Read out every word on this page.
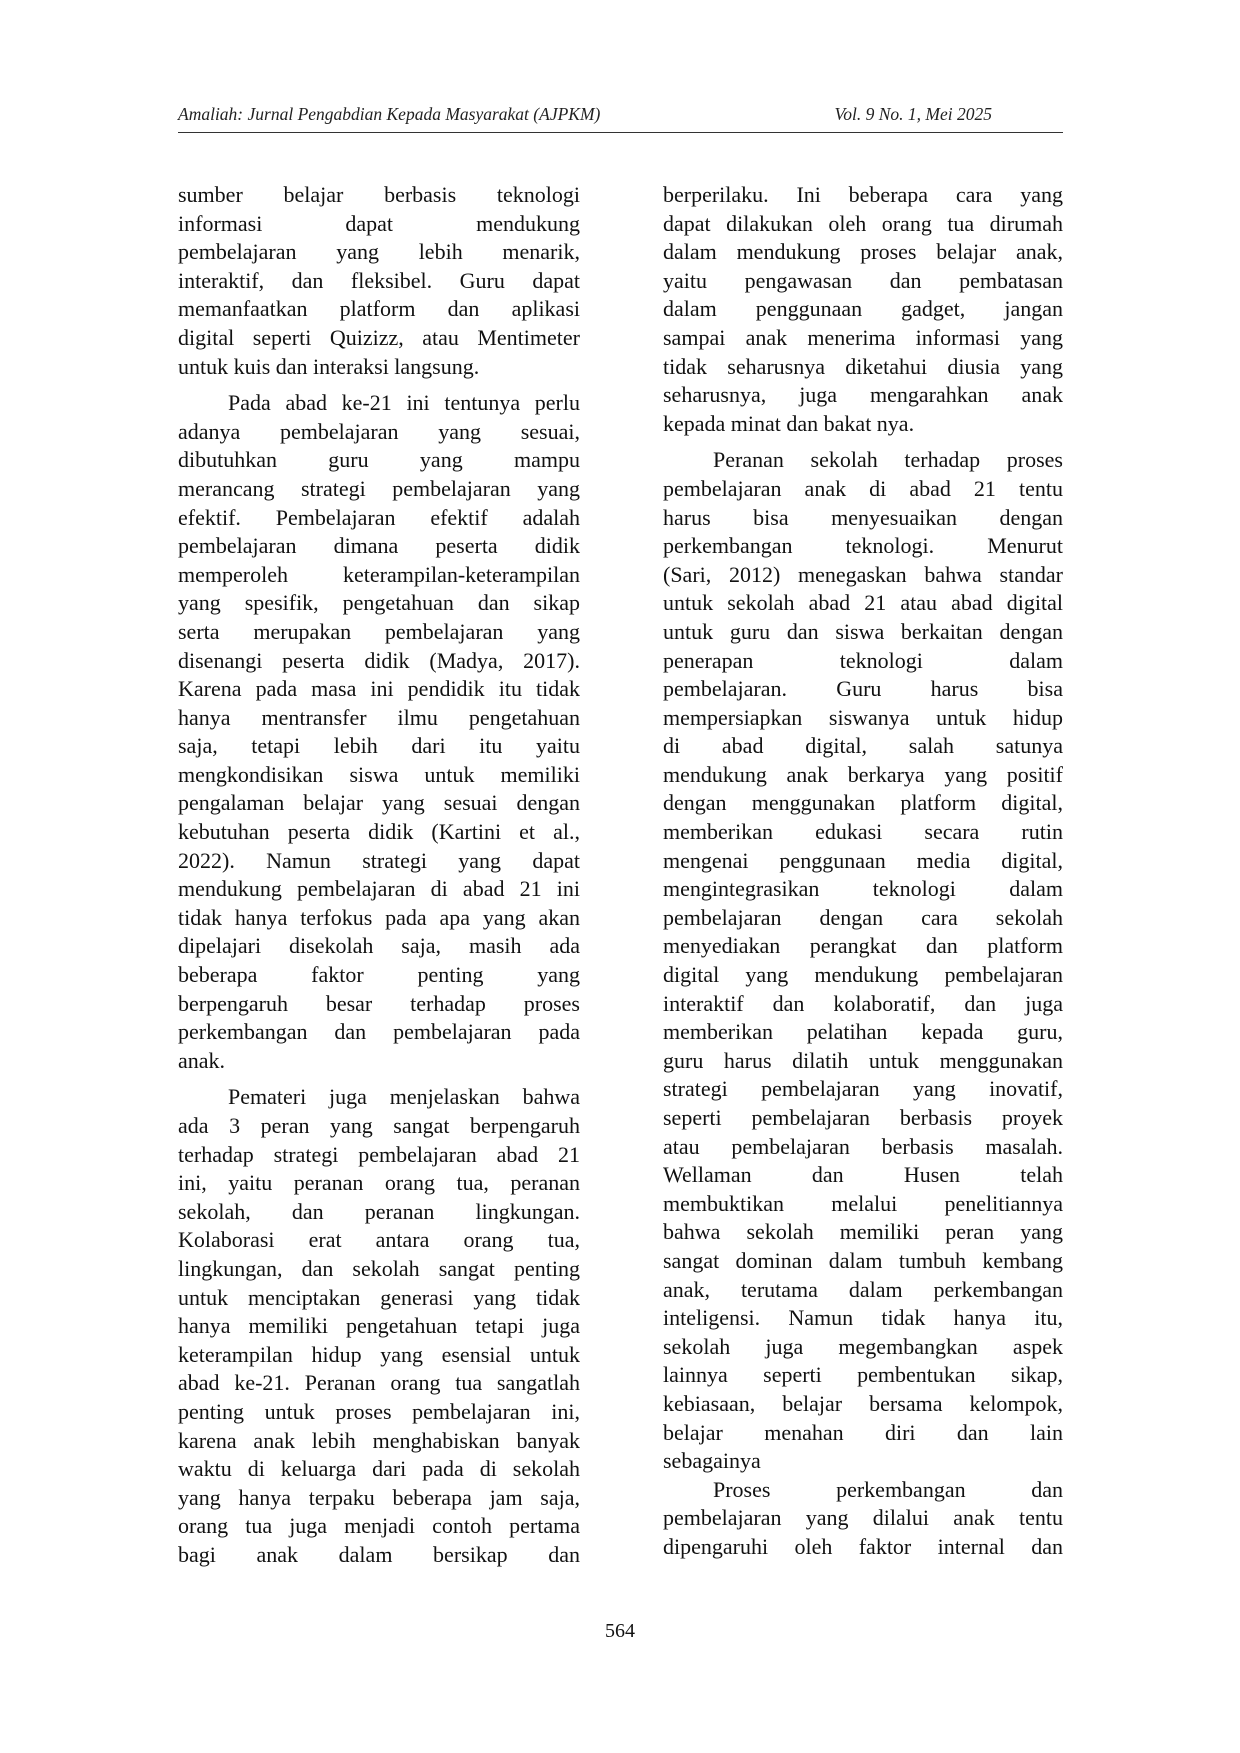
Amaliah: Jurnal Pengabdian Kepada Masyarakat (AJPKM)	Vol. 9 No. 1, Mei 2025
sumber belajar berbasis teknologi
informasi dapat mendukung
pembelajaran yang lebih menarik,
interaktif, dan fleksibel. Guru dapat
memanfaatkan platform dan aplikasi
digital seperti Quizizz, atau Mentimeter
untuk kuis dan interaksi langsung.
Pada abad ke-21 ini tentunya perlu
adanya pembelajaran yang sesuai,
dibutuhkan guru yang mampu
merancang strategi pembelajaran yang
efektif. Pembelajaran efektif adalah
pembelajaran dimana peserta didik
memperoleh keterampilan-keterampilan
yang spesifik, pengetahuan dan sikap
serta merupakan pembelajaran yang
disenangi peserta didik (Madya, 2017).
Karena pada masa ini pendidik itu tidak
hanya mentransfer ilmu pengetahuan
saja, tetapi lebih dari itu yaitu
mengkondisikan siswa untuk memiliki
pengalaman belajar yang sesuai dengan
kebutuhan peserta didik (Kartini et al.,
2022). Namun strategi yang dapat
mendukung pembelajaran di abad 21 ini
tidak hanya terfokus pada apa yang akan
dipelajari disekolah saja, masih ada
beberapa faktor penting yang
berpengaruh besar terhadap proses
perkembangan dan pembelajaran pada
anak.
Pemateri juga menjelaskan bahwa
ada 3 peran yang sangat berpengaruh
terhadap strategi pembelajaran abad 21
ini, yaitu peranan orang tua, peranan
sekolah, dan peranan lingkungan.
Kolaborasi erat antara orang tua,
lingkungan, dan sekolah sangat penting
untuk menciptakan generasi yang tidak
hanya memiliki pengetahuan tetapi juga
keterampilan hidup yang esensial untuk
abad ke-21. Peranan orang tua sangatlah
penting untuk proses pembelajaran ini,
karena anak lebih menghabiskan banyak
waktu di keluarga dari pada di sekolah
yang hanya terpaku beberapa jam saja,
orang tua juga menjadi contoh pertama
bagi anak dalam bersikap dan
berperilaku. Ini beberapa cara yang
dapat dilakukan oleh orang tua dirumah
dalam mendukung proses belajar anak,
yaitu pengawasan dan pembatasan
dalam penggunaan gadget, jangan
sampai anak menerima informasi yang
tidak seharusnya diketahui diusia yang
seharusnya, juga mengarahkan anak
kepada minat dan bakat nya.
Peranan sekolah terhadap proses
pembelajaran anak di abad 21 tentu
harus bisa menyesuaikan dengan
perkembangan teknologi. Menurut
(Sari, 2012) menegaskan bahwa standar
untuk sekolah abad 21 atau abad digital
untuk guru dan siswa berkaitan dengan
penerapan teknologi dalam
pembelajaran. Guru harus bisa
mempersiapkan siswanya untuk hidup
di abad digital, salah satunya
mendukung anak berkarya yang positif
dengan menggunakan platform digital,
memberikan edukasi secara rutin
mengenai penggunaan media digital,
mengintegrasikan teknologi dalam
pembelajaran dengan cara sekolah
menyediakan perangkat dan platform
digital yang mendukung pembelajaran
interaktif dan kolaboratif, dan juga
memberikan pelatihan kepada guru,
guru harus dilatih untuk menggunakan
strategi pembelajaran yang inovatif,
seperti pembelajaran berbasis proyek
atau pembelajaran berbasis masalah.
Wellaman dan Husen telah
membuktikan melalui penelitiannya
bahwa sekolah memiliki peran yang
sangat dominan dalam tumbuh kembang
anak, terutama dalam perkembangan
inteligensi. Namun tidak hanya itu,
sekolah juga megembangkan aspek
lainnya seperti pembentukan sikap,
kebiasaan, belajar bersama kelompok,
belajar menahan diri dan lain
sebagainya
Proses perkembangan dan
pembelajaran yang dilalui anak tentu
dipengaruhi oleh faktor internal dan
564
